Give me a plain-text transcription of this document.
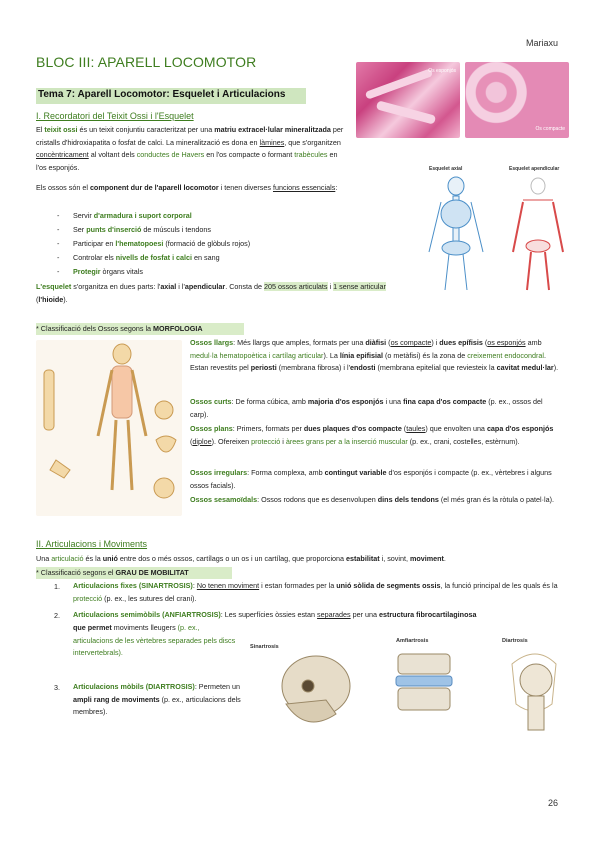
Mariaxu
BLOC III: APARELL LOCOMOTOR
Tema 7: Aparell Locomotor: Esquelet i Articulacions
Os esponjós
Os compacte
Esquelet axial	Esquelet apendicular
I. Recordatori del Teixit Ossi i l'Esquelet
El teixit ossi és un teixit conjuntiu caracteritzat per una matriu extracel·lular mineralitzada per cristalls d'hidroxiapatita o fosfat de calci. La mineralització es dona en làmines, que s'organitzen concèntricament al voltant dels conductes de Havers en l'os compacte o formant trabècules en l'os esponjós.
Els ossos són el component dur de l'aparell locomotor i tenen diverses funcions essencials:
- Servir d'armadura i suport corporal
- Ser punts d'inserció de músculs i tendons
- Participar en l'hematopoesi (formació de glòbuls rojos)
- Controlar els nivells de fosfat i calci en sang
- Protegir òrgans vitals
L'esquelet s'organitza en dues parts: l'axial i l'apendicular. Consta de 205 ossos articulats i 1 sense articular (l'hioide).
* Classificació dels Ossos segons la MORFOLOGIA
Ossos llargs: Més llargs que amples, formats per una diàfisi (os compacte) i dues epífisis (os esponjós amb medul·la hematopoètica i cartílag articular). La línia epifisial (o metàfisi) és la zona de creixement endocondral. Estan revestits pel periosti (membrana fibrosa) i l'endosti (membrana epitelial que reviesteix la cavitat medul·lar).
Ossos curts: De forma cúbica, amb majoria d'os esponjós i una fina capa d'os compacte (p. ex., ossos del carp).
Ossos plans: Primers, formats per dues plaques d'os compacte (taules) que envolten una capa d'os esponjós (diploe). Ofereixen protecció i àrees grans per a la inserció muscular (p. ex., crani, costelles, estèrnum).
Ossos irregulars: Forma complexa, amb contingut variable d'os esponjós i compacte (p. ex., vèrtebres i alguns ossos facials).
Ossos sesamoïdals: Ossos rodons que es desenvolupen dins dels tendons (el més gran és la ròtula o patel·la).
II. Articulacions i Moviments
Una articulació és la unió entre dos o més ossos, cartílags o un os i un cartílag, que proporciona estabilitat i, sovint, moviment.
* Classificació segons el GRAU DE MOBILITAT
1. Articulacions fixes (SINARTROSIS): No tenen moviment i estan formades per la unió sòlida de segments ossis, la funció principal de les quals és la protecció (p. ex., les sutures del crani).
2. Articulacions semimòbils (ANFIARTROSIS): Les superfícies òssies estan separades per una estructura fibrocartilaginosa
que permet moviments lleugers (p. ex., articulacions de les vèrtebres separades pels discs intervertebrals).
3. Articulacions mòbils (DIARTROSIS): Permeten un ampli rang de moviments (p. ex., articulacions dels membres).
Sinartrosis
Amfiartrosis	Diartrosis
26
